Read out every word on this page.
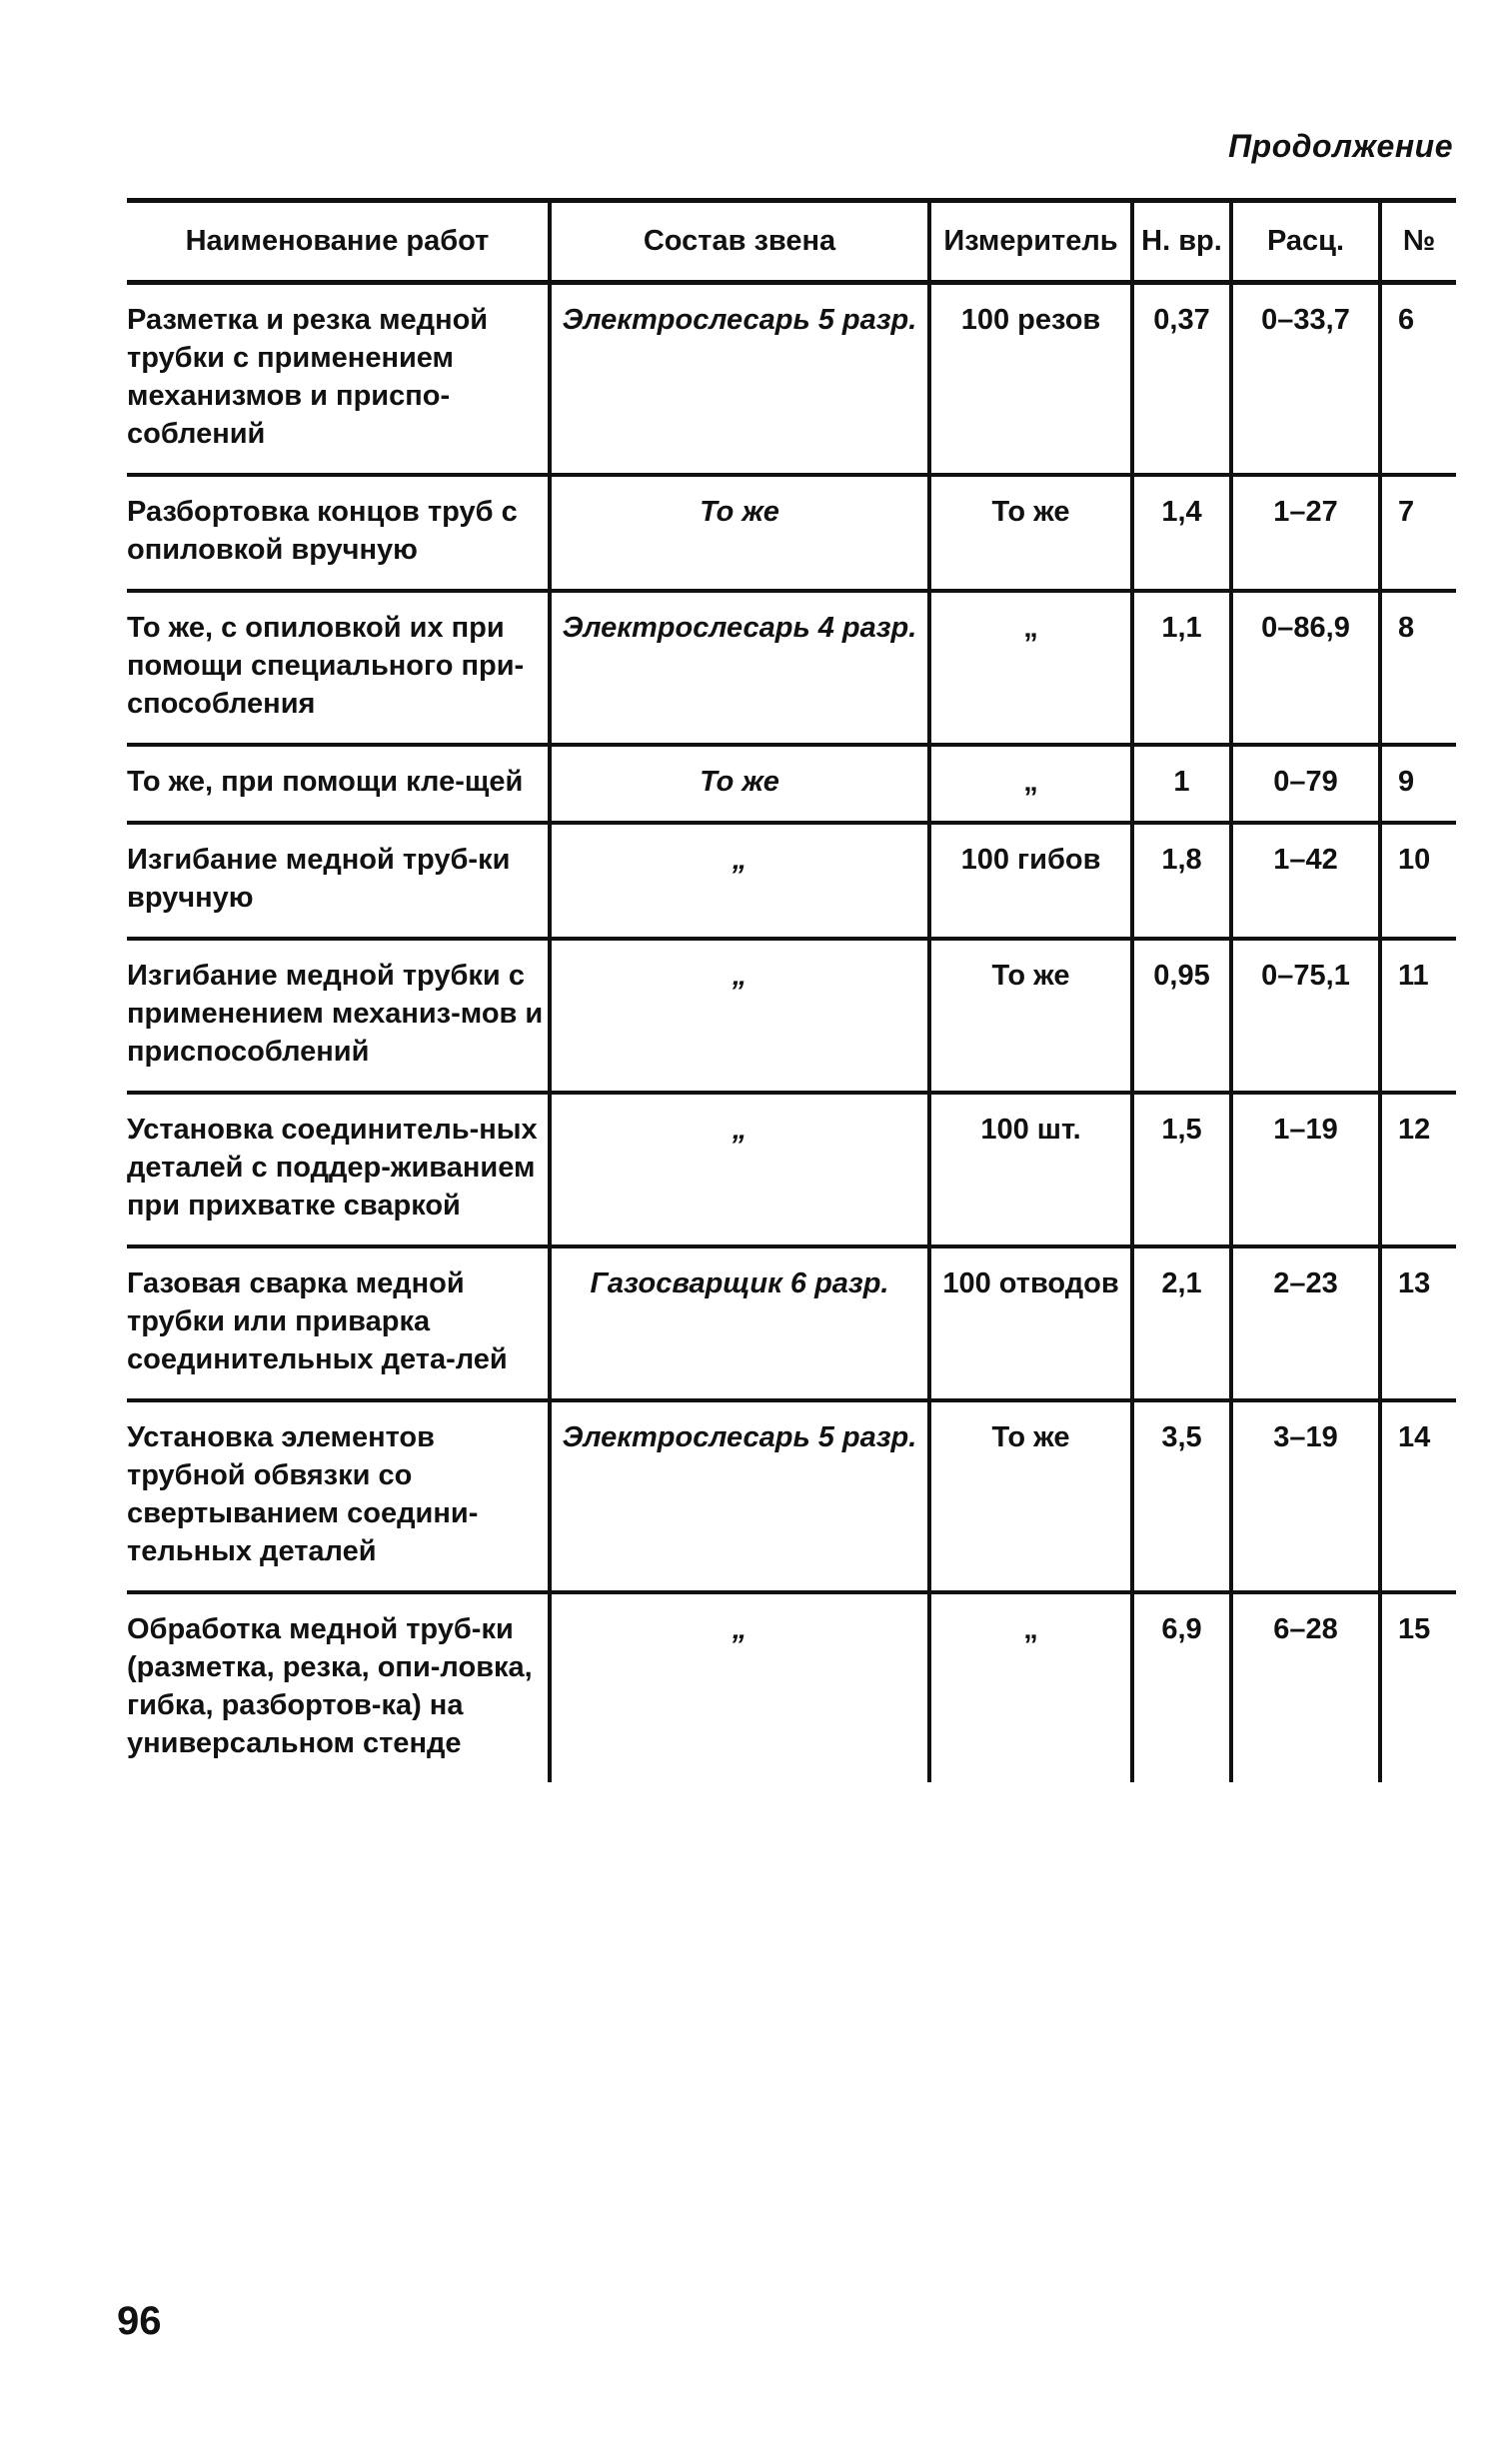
Продолжение
Наименование работ	Состав звена	Измеритель	Н. вр.	Расц.	№
Разметка и резка медной трубки с применением механизмов и приспо-соблений	Электрослесарь 5 разр.	100 резов	0,37	0–33,7	6
Разбортовка концов труб с опиловкой вручную	То же	То же	1,4	1–27	7
То же, с опиловкой их при помощи специального при-способления	Электрослесарь 4 разр.	„	1,1	0–86,9	8
То же, при помощи кле-щей	То же	„	1	0–79	9
Изгибание медной труб-ки вручную	„	100 гибов	1,8	1–42	10
Изгибание медной трубки с применением механиз-мов и приспособлений	„	То же	0,95	0–75,1	11
Установка соединитель-ных деталей с поддер-живанием при прихватке сваркой	„	100 шт.	1,5	1–19	12
Газовая сварка медной трубки или приварка соединительных дета-лей	Газосварщик 6 разр.	100 отводов	2,1	2–23	13
Установка элементов трубной обвязки со свертыванием соедини-тельных деталей	Электрослесарь 5 разр.	То же	3,5	3–19	14
Обработка медной труб-ки (разметка, резка, опи-ловка, гибка, разбортов-ка) на универсальном стенде	„	„	6,9	6–28	15
96
